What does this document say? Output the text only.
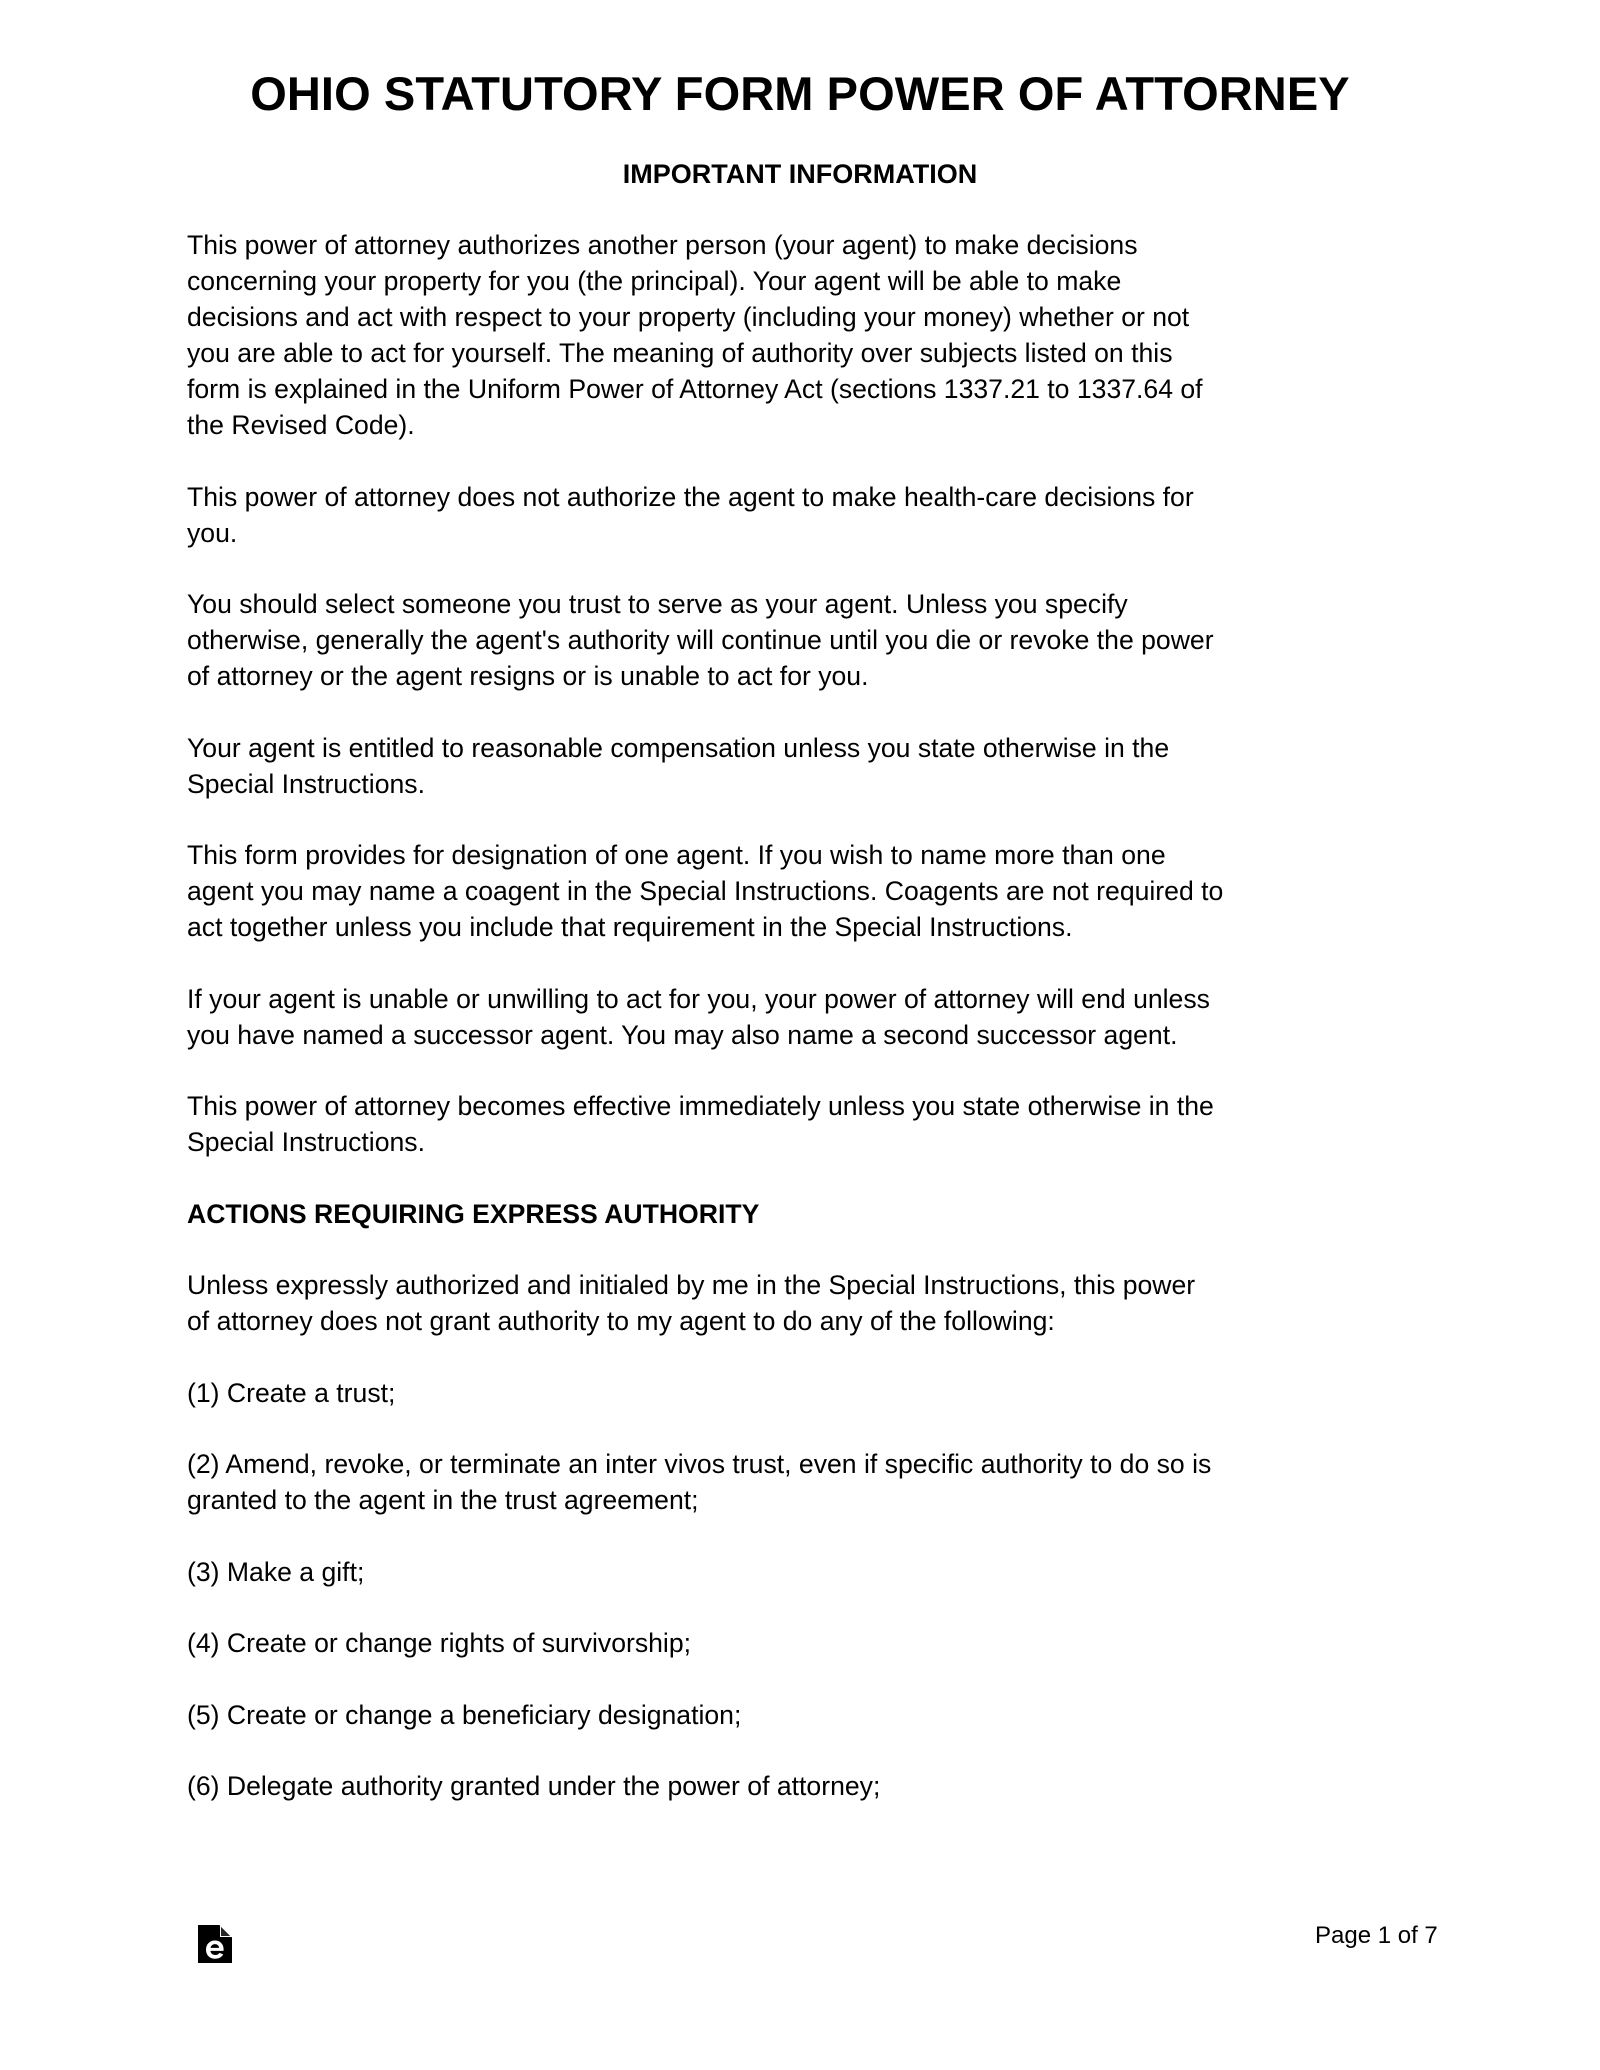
OHIO STATUTORY FORM POWER OF ATTORNEY
IMPORTANT INFORMATION

This power of attorney authorizes another person (your agent) to make decisions
concerning your property for you (the principal). Your agent will be able to make
decisions and act with respect to your property (including your money) whether or not
you are able to act for yourself. The meaning of authority over subjects listed on this
form is explained in the Uniform Power of Attorney Act (sections 1337.21 to 1337.64 of
the Revised Code).

This power of attorney does not authorize the agent to make health-care decisions for
you.

You should select someone you trust to serve as your agent. Unless you specify
otherwise, generally the agent's authority will continue until you die or revoke the power
of attorney or the agent resigns or is unable to act for you.

Your agent is entitled to reasonable compensation unless you state otherwise in the
Special Instructions.

This form provides for designation of one agent. If you wish to name more than one
agent you may name a coagent in the Special Instructions. Coagents are not required to
act together unless you include that requirement in the Special Instructions.

If your agent is unable or unwilling to act for you, your power of attorney will end unless
you have named a successor agent. You may also name a second successor agent.

This power of attorney becomes effective immediately unless you state otherwise in the
Special Instructions.

ACTIONS REQUIRING EXPRESS AUTHORITY

Unless expressly authorized and initialed by me in the Special Instructions, this power
of attorney does not grant authority to my agent to do any of the following:

(1) Create a trust;

(2) Amend, revoke, or terminate an inter vivos trust, even if specific authority to do so is
granted to the agent in the trust agreement;

(3) Make a gift;

(4) Create or change rights of survivorship;

(5) Create or change a beneficiary designation;

(6) Delegate authority granted under the power of attorney;

Page 1 of 7
